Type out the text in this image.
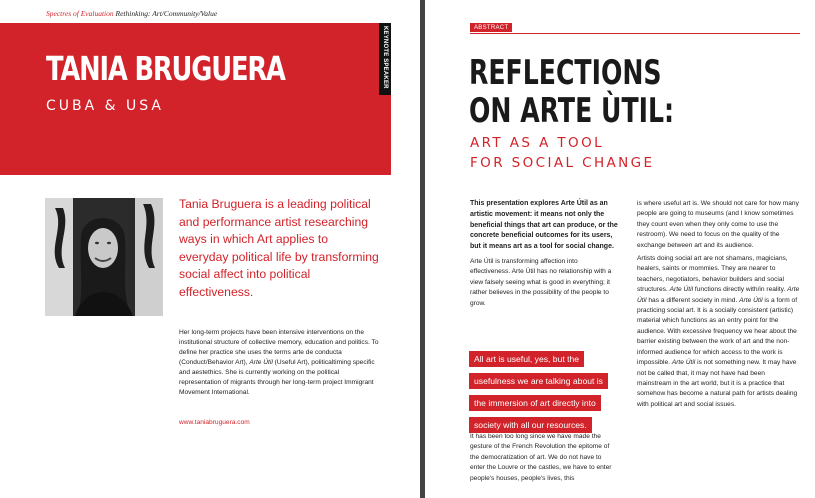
Spectres of Evaluation Rethinking: Art/Community/Value
TANIA BRUGUERA
CUBA & USA
KEYNOTE SPEAKER
Tania Bruguera is a leading political and performance artist researching ways in which Art applies to everyday political life by transforming social affect into political effectiveness.
Her long-term projects have been intensive interventions on the institutional structure of collective memory, education and politics. To define her practice she uses the terms arte de conducta (Conduct/Behavior Art), Arte Útil (Useful Art), politicaltiming specific and aestethics. She is currently working on the political representation of migrants through her long-term project Immigrant Movement International.
www.taniabruguera.com
ABSTRACT
REFLECTIONS
ON ARTE ÙTIL:
ART AS A TOOL
FOR SOCIAL CHANGE
This presentation explores Arte Útil as an artistic movement: it means not only the beneficial things that art can produce, or the concrete beneficial outcomes for its users, but it means art as a tool for social change.
Arte Útil is transforming affection into effectiveness. Arte Útil has no relationship with a view falsely seeing what is good in everything; it rather believes in the possibility of the people to grow.
All art is useful, yes, but the
usefulness we are talking about is
the immersion of art directly into
society with all our resources.
It has been too long since we have made the gesture of the French Revolution the epitome of the democratization of art. We do not have to enter the Louvre or the castles, we have to enter people's houses, people's lives, this

is where useful art is. We should not care for how many people are going to museums (and I know sometimes they count even when they only come to use the restroom). We need to focus on the quality of the exchange between art and its audience.

Artists doing social art are not shamans, magicians, healers, saints or mommies. They are nearer to teachers, negotiators, behavior builders and social structures. Arte Útil functions directly with/in reality. Arte Útil has a different society in mind. Arte Útil is a form of practicing social art. It is a socially consistent (artistic) material which functions as an entry point for the audience. With excessive frequency we hear about the barrier existing between the work of art and the non-informed audience for which access to the work is impossible. Arte Útil is not something new. It may have not be called that, it may not have had been mainstream in the art world, but it is a practice that somehow has become a natural path for artists dealing with political art and social issues.
